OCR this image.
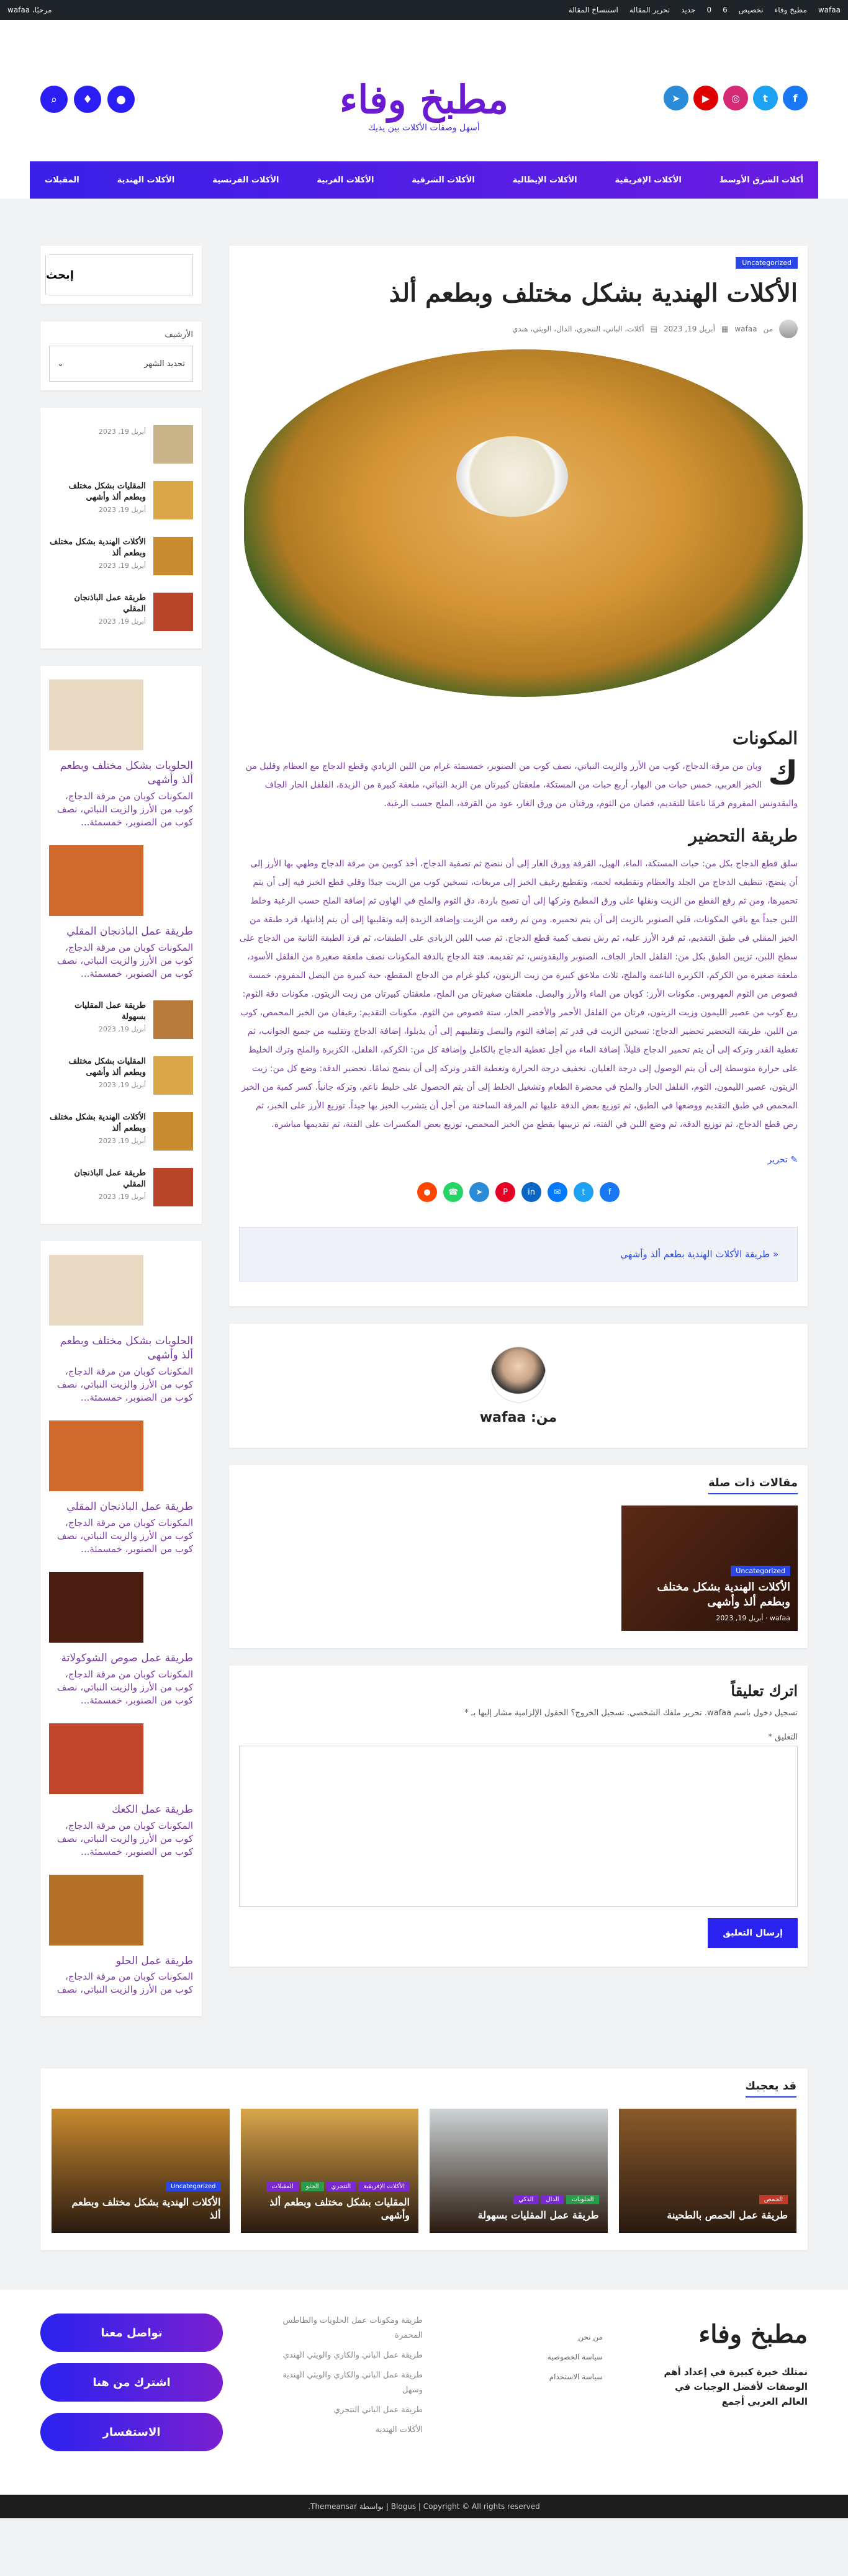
wafaa
مطبخ وفاء
تخصيص
6
0
جديد
تحرير المقالة
استنساخ المقالة
مرحبًا، wafaa
f
t
◎
▶
➤
مطبخ وفاء
أسهل وصفات الأكلات بين يديك
⌕	♦	●
أكلات الشرق الأوسط
الأكلات الإفريقية
الأكلات الإيطالية
الأكلات الشرقية
الأكلات الغربية
الأكلات الفرنسية
الأكلات الهندية
المقبلات
Uncategorized
الأكلات الهندية بشكل مختلف وبطعم ألذ
من
wafaa
▦
أبريل 19, 2023
▤
أكلات، الباني، التتجري، الدال، الويثي، هندي
المكونات

ك
وبان من مرقة الدجاج، كوب من الأرز والزيت النباتي، نصف كوب من الصنوبر، خمسمئة غرام من اللبن الزبادي وقطع الدجاج مع العظام وقليل من الخبز العربي، خمس حبات من البهار، أربع حبات من المستكة، ملعقتان كبيرتان من الزبد النباتي، ملعقة كبيرة من الزبدة، الفلفل الحار الجاف والبقدونس المفروم فرمًا ناعمًا للتقديم، فصان من الثوم، ورقتان من ورق الغار، عود من القرفة، الملح حسب الرغبة.

طريقة التحضير

سلق قطع الدجاج بكل من: حبات المستكة، الماء، الهيل، القرفة وورق الغار إلى أن ننضج ثم تصفية الدجاج، أخذ كوبين من مرقة الدجاج وطهي بها الأرز إلى أن ينضج، تنظيف الدجاج من الجلد والعظام وتقطيعه لحمه، وتقطيع رغيف الخبز إلى مربعات، تسخين كوب من الزيت جيدًا وقلي قطع الخبز فيه إلى أن يتم تحميرها، ومن ثم رفع القطع من الزيت ونقلها على ورق المطبخ وتركها إلى أن تصبح باردة، دق الثوم والملح في الهاون ثم إضافة الملح حسب الرغبة وخلط اللبن جيداً مع باقي المكونات، قلي الصنوبر بالزيت إلى أن يتم تحميره. ومن ثم رفعه من الزيت وإضافة الزبدة إليه وتقليبها إلى أن يتم إذابتها، فرد طبقة من الخبز المقلي في طبق التقديم، ثم فرد الأرز عليه، ثم رش نصف كمية قطع الدجاج، ثم صب اللبن الزبادي على الطبقات، ثم فرد الطبقة الثانية من الدجاج على سطح اللبن، تزيين الطبق بكل من: الفلفل الحار الجاف، الصنوبر والبقدونس، ثم تقديمه. فتة الدجاج بالدقة المكونات نصف ملعقة صغيرة من الفلفل الأسود، ملعقة صغيرة من الكركم، الكزبرة الناعمة والملح، ثلاث ملاعق كبيرة من زيت الزيتون، كيلو غرام من الدجاج المقطع، حبة كبيرة من البصل المفروم، خمسة فصوص من الثوم المهروس. مكونات الأرز: كوبان من الماء والأرز والبصل. ملعقتان صغيرتان من الملح، ملعقتان كبيرتان من زيت الزيتون. مكونات دقة الثوم: ربع كوب من عصير الليمون وزيت الزيتون، فرتان من الفلفل الأحمر والأخضر الحار، ستة فصوص من الثوم. مكونات التقديم: رغيفان من الخبز المحمص، كوب من اللبن، طريقة التحضير تحضير الدجاج: تسخين الزيت في قدر ثم إضافة الثوم والبصل وتقليبهم إلى أن يذبلوا، إضافة الدجاج وتقليبه من جميع الجوانب، ثم تغطية القدر وتركه إلى أن يتم تحمير الدجاج قليلاً، إضافة الماء من أجل تغطية الدجاج بالكامل وإضافة كل من: الكركم، الفلفل، الكزبرة والملح وترك الخليط على حرارة متوسطة إلى أن يتم الوصول إلى درجة الغليان. تخفيف درجة الحرارة وتغطية القدر وتركه إلى أن ينضج تمامًا. تحضير الدقة: وضع كل من: زيت الزيتون، عصير الليمون، الثوم، الفلفل الحار والملح في محضرة الطعام وتشغيل الخلط إلى أن يتم الحصول على خليط ناعم، وتركه جانباً. كسر كمية من الخبز المحمص في طبق التقديم ووضعها في الطبق، ثم توزيع بعض الدقة عليها ثم المرقة الساخنة من أجل أن يتشرب الخبز بها جيداً. توزيع الأرز على الخبز، ثم رص قطع الدجاج، ثم توزيع الدقة، ثم وضع اللبن في الفتة، ثم تزيينها بقطع من الخبز المحمص، توزيع بعض المكسرات على الفتة، ثم تقديمها مباشرة.

✎ تحرير
f
t
✉
in
P
➤
☎
●
« طريقة الأكلات الهندية بطعم ألذ وأشهى
من: wafaa
مقالات ذات صلة
Uncategorized
الأكلات الهندية بشكل مختلف وبطعم ألذ وأشهى
wafaa · أبريل 19, 2023
اترك تعليقاً
تسجيل دخول باسم wafaa. تحرير ملفك الشخصي. تسجيل الخروج؟ الحقول الإلزامية مشار إليها بـ *
التعليق *
إرسال التعليق
إبحث
الأرشيف
تحديد الشهر
⌄
أبريل 19, 2023
المقليات بشكل مختلف وبطعم ألذ وأشهى
أبريل 19, 2023
الأكلات الهندية بشكل مختلف وبطعم ألذ
أبريل 19, 2023
طريقة عمل الباذنجان المقلي
أبريل 19, 2023
الحلويات بشكل مختلف وبطعم ألذ وأشهى
المكونات كوبان من مرقة الدجاج، كوب من الأرز والزيت النباتي، نصف كوب من الصنوبر، خمسمئة...
طريقة عمل الباذنجان المقلي
المكونات كوبان من مرقة الدجاج، كوب من الأرز والزيت النباتي، نصف كوب من الصنوبر، خمسمئة...
طريقة عمل المقليات بسهولة
أبريل 19, 2023
المقليات بشكل مختلف وبطعم ألذ وأشهى
أبريل 19, 2023
الأكلات الهندية بشكل مختلف وبطعم ألذ
أبريل 19, 2023
طريقة عمل الباذنجان المقلي
أبريل 19, 2023
الحلويات بشكل مختلف وبطعم ألذ وأشهى
المكونات كوبان من مرقة الدجاج، كوب من الأرز والزيت النباتي، نصف كوب من الصنوبر، خمسمئة...
طريقة عمل الباذنجان المقلي
المكونات كوبان من مرقة الدجاج، كوب من الأرز والزيت النباتي، نصف كوب من الصنوبر، خمسمئة...
طريقة عمل صوص الشوكولاتة
المكونات كوبان من مرقة الدجاج، كوب من الأرز والزيت النباتي، نصف كوب من الصنوبر، خمسمئة...
طريقة عمل الكعك
المكونات كوبان من مرقة الدجاج، كوب من الأرز والزيت النباتي، نصف كوب من الصنوبر، خمسمئة...
طريقة عمل الحلو
المكونات كوبان من مرقة الدجاج، كوب من الأرز والزيت النباتي، نصف
قد يعجبك
الحمص
طريقة عمل الحمص بالطحينة
الحلويات
الدال
الذكي
طريقة عمل المقليات بسهولة
الأكلات الإفريقية
التتجري
الحلو
المقبلات
المقليات بشكل مختلف وبطعم ألذ وأشهى
Uncategorized
الأكلات الهندية بشكل مختلف وبطعم ألذ
مطبخ وفاء
نمتلك خبرة كبيرة في إعداد أهم الوصفات لأفضل الوجبات في العالم العربي أجمع
من نحن
سياسة الخصوصية
سياسة الاستخدام
طريقة ومكونات عمل الحلويات والطاطس المحمرة
طريقة عمل الباني والكاري والويثي الهندي
طريقة عمل الباني والكاري والويثي الهندية وسهل
طريقة عمل الباني التتجري
الأكلات الهندية
تواصل معنا
اشترك من هنا
الاستفسار
Blogus | Copyright © All rights reserved | بواسطة Themeansar.
